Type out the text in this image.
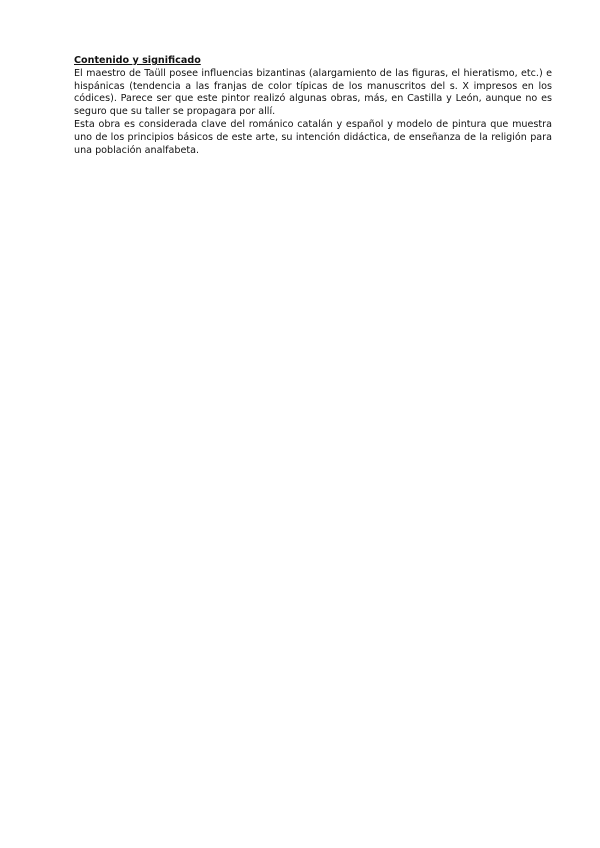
Contenido y significado

El maestro de Taüll posee influencias bizantinas (alargamiento de las figuras, el hieratismo, etc.) e hispánicas (tendencia a las franjas de color típicas de los manuscritos del s. X impresos en los códices). Parece ser que este pintor realizó algunas obras, más, en Castilla y León, aunque no es seguro que su taller se propagara por allí.

Esta obra es considerada clave del románico catalán y español y modelo de pintura que muestra uno de los principios básicos de este arte, su intención didáctica, de enseñanza de la religión para una población analfabeta.
